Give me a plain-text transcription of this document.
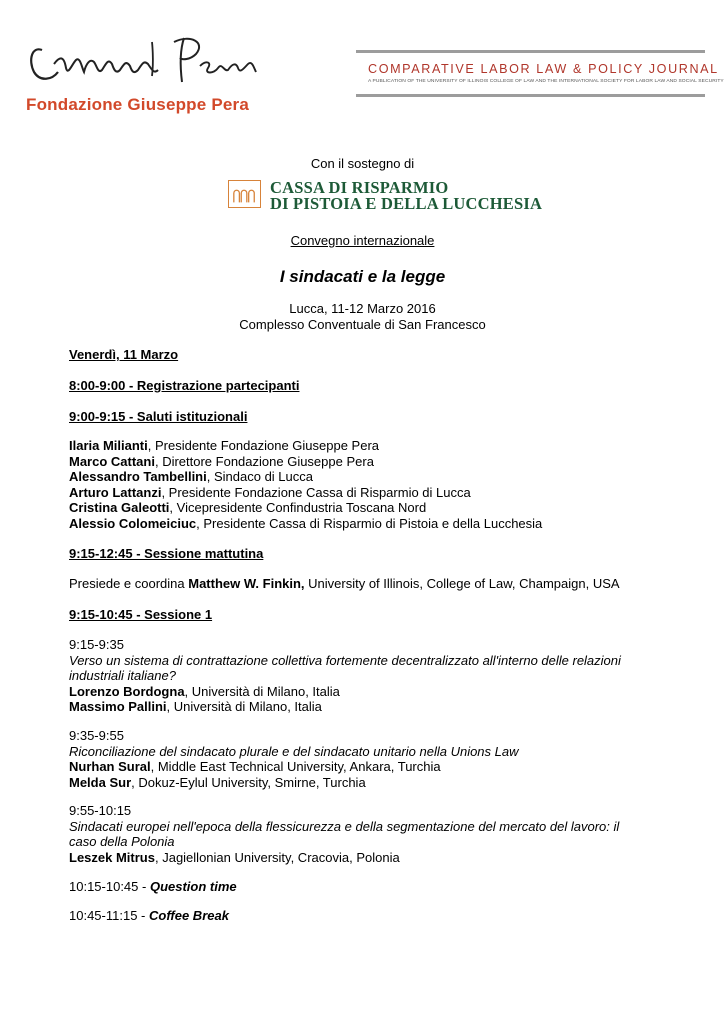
Fondazione Giuseppe Pera
COMPARATIVE LABOR LAW & POLICY JOURNAL
A PUBLICATION OF THE UNIVERSITY OF ILLINOIS COLLEGE OF LAW AND THE INTERNATIONAL SOCIETY FOR LABOR LAW AND SOCIAL SECURITY
Con il sostegno di
CASSA DI RISPARMIO
DI PISTOIA E DELLA LUCCHESIA
Convegno internazionale
I sindacati e la legge
Lucca, 11-12 Marzo 2016
Complesso Conventuale di San Francesco
Venerdì, 11 Marzo
8:00-9:00 - Registrazione partecipanti
9:00-9:15 - Saluti istituzionali
Ilaria Milianti, Presidente Fondazione Giuseppe Pera
Marco Cattani, Direttore Fondazione Giuseppe Pera
Alessandro Tambellini, Sindaco di Lucca
Arturo Lattanzi, Presidente Fondazione Cassa di Risparmio di Lucca
Cristina Galeotti, Vicepresidente Confindustria Toscana Nord
Alessio Colomeiciuc, Presidente Cassa di Risparmio di Pistoia e della Lucchesia
9:15-12:45 - Sessione mattutina
Presiede e coordina Matthew W. Finkin, University of Illinois, College of Law, Champaign, USA
9:15-10:45 - Sessione 1
9:15-9:35
Verso un sistema di contrattazione collettiva fortemente decentralizzato all'interno delle relazioni
industriali italiane?
Lorenzo Bordogna, Università di Milano, Italia
Massimo Pallini, Università di Milano, Italia
9:35-9:55
Riconciliazione del sindacato plurale e del sindacato unitario nella Unions Law
Nurhan Sural, Middle East Technical University, Ankara, Turchia
Melda Sur, Dokuz-Eylul University, Smirne, Turchia
9:55-10:15
Sindacati europei nell'epoca della flessicurezza e della segmentazione del mercato del lavoro: il
caso della Polonia
Leszek Mitrus, Jagiellonian University, Cracovia, Polonia
10:15-10:45 - Question time
10:45-11:15 - Coffee Break
